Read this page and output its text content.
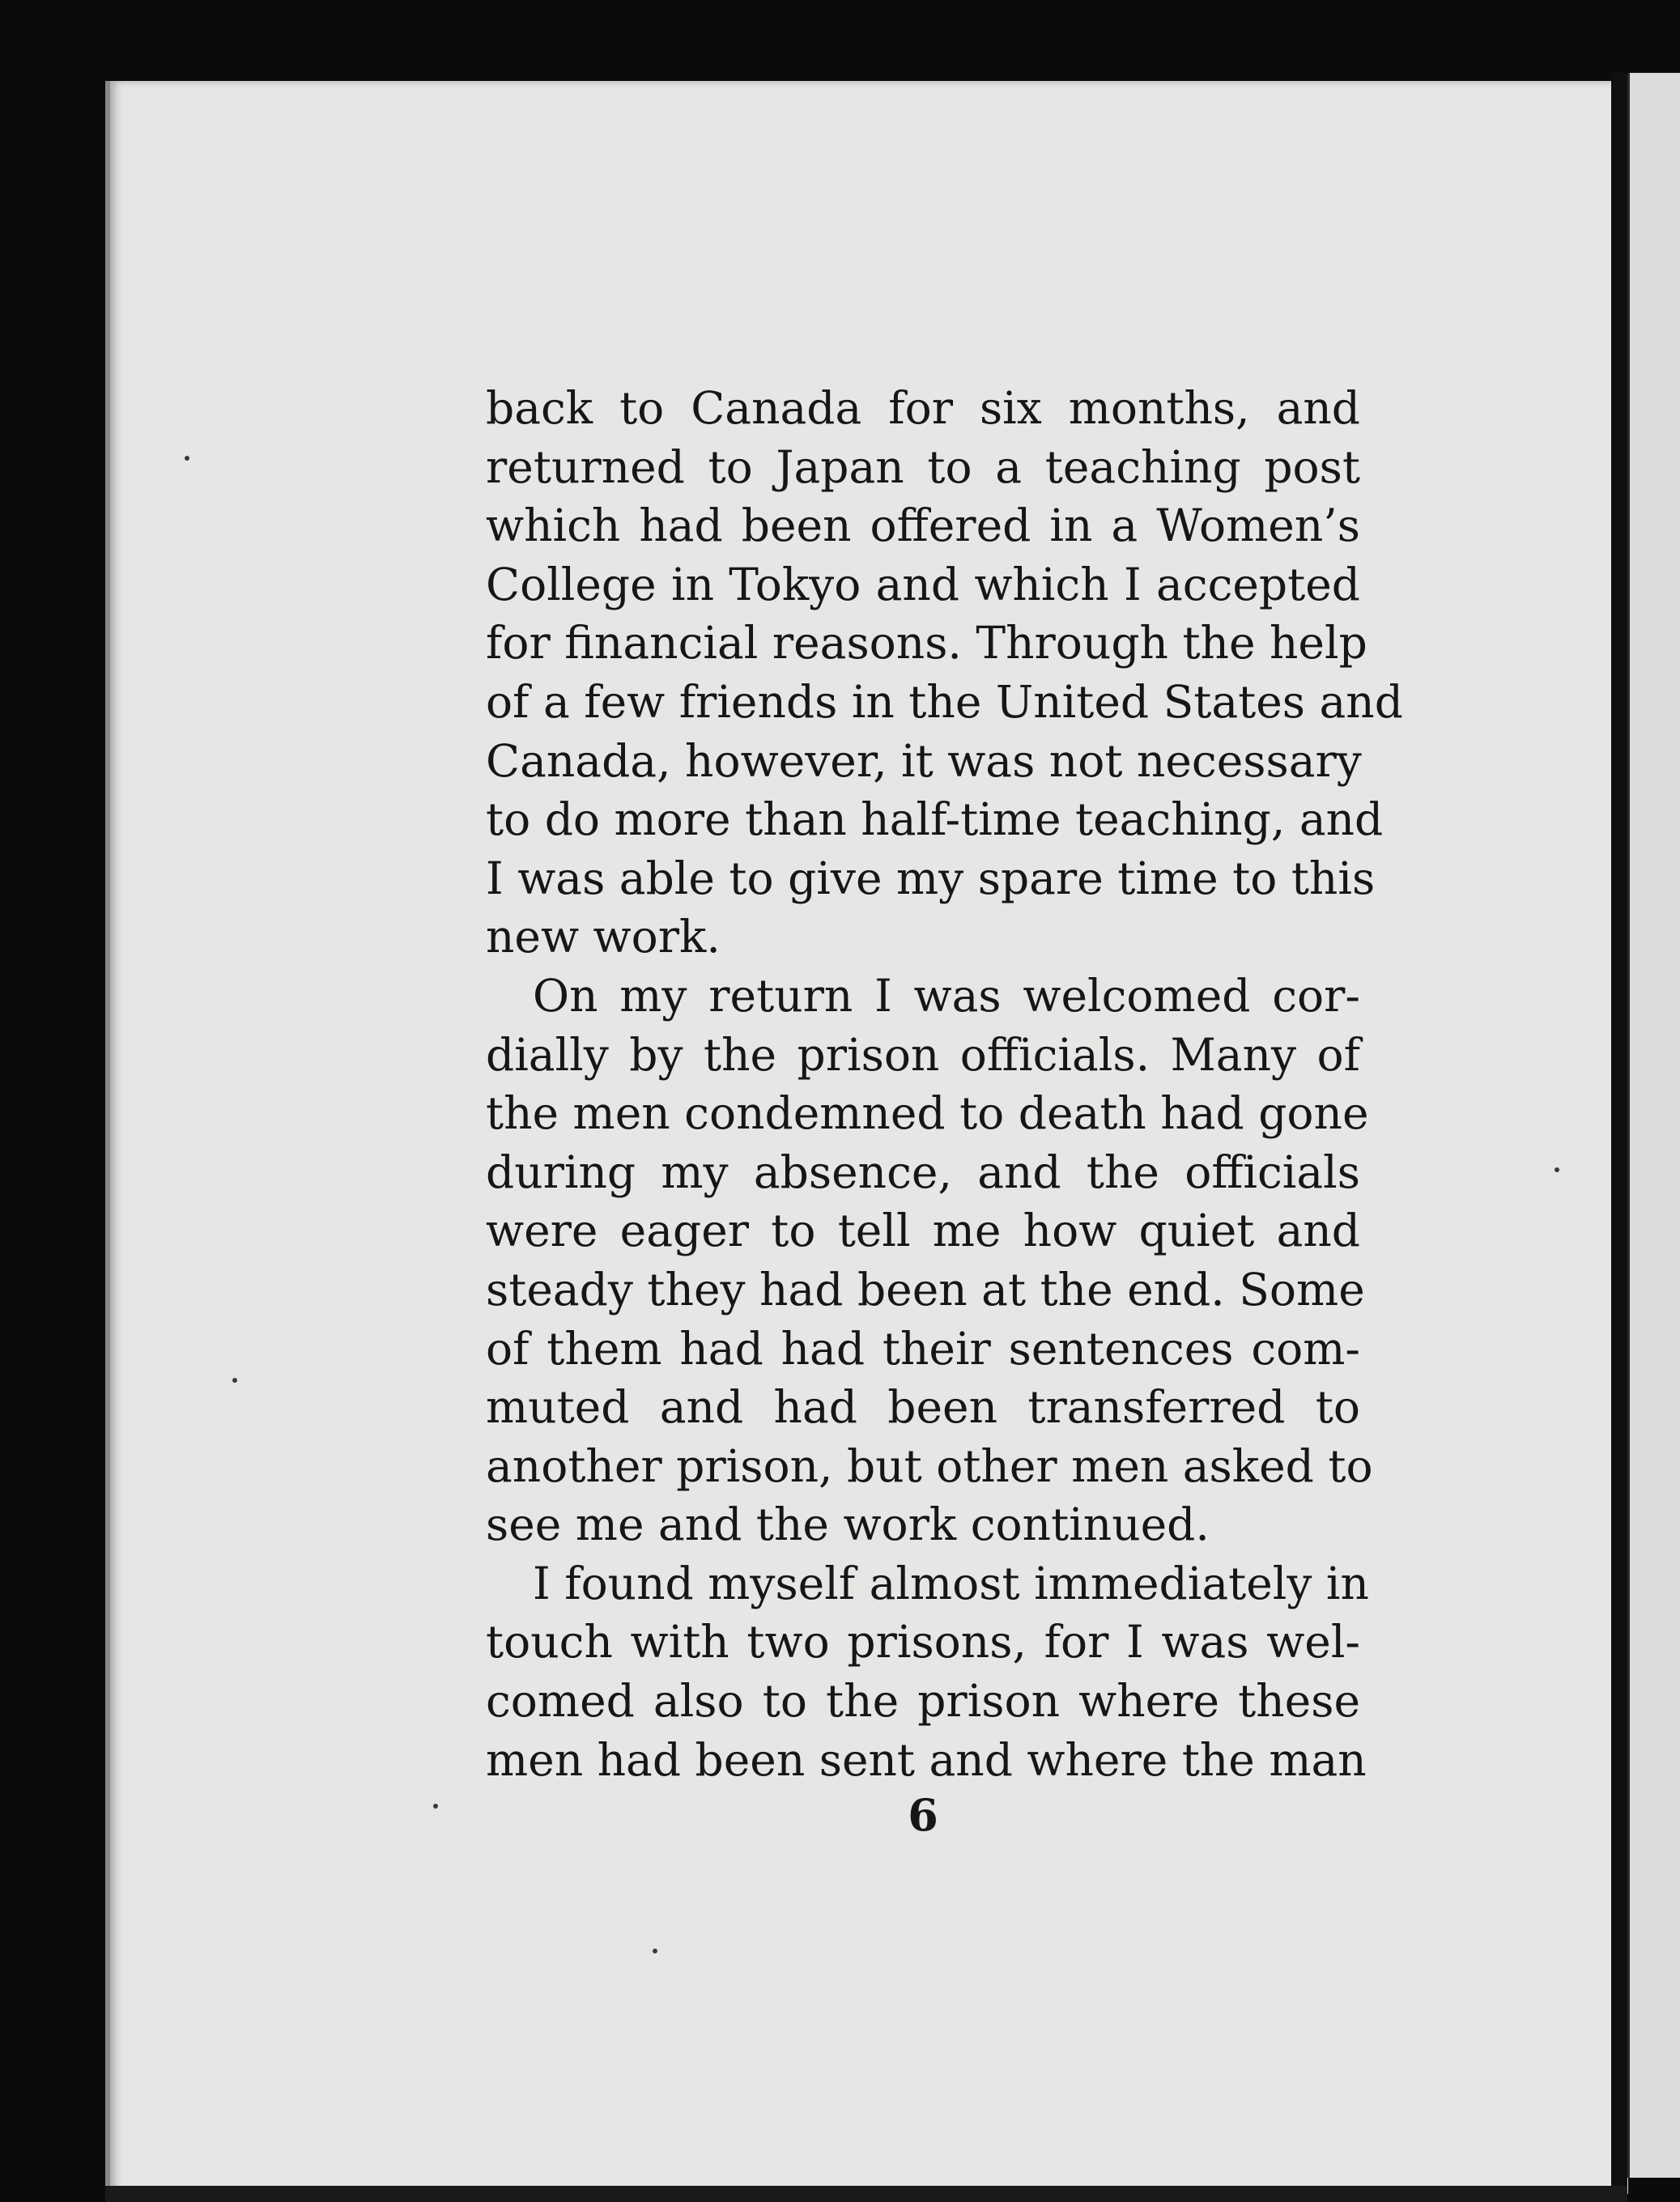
back to Canada for six months, and
returned to Japan to a teaching post
which had been offered in a Women’s
College in Tokyo and which I accepted
for financial reasons. Through the help
of a few friends in the United States and
Canada, however, it was not necessary
to do more than half-time teaching, and
I was able to give my spare time to this
new work.
On my return I was welcomed cor-
dially by the prison officials. Many of
the men condemned to death had gone
during my absence, and the officials
were eager to tell me how quiet and
steady they had been at the end. Some
of them had had their sentences com-
muted and had been transferred to
another prison, but other men asked to
see me and the work continued.
I found myself almost immediately in
touch with two prisons, for I was wel-
comed also to the prison where these
men had been sent and where the man
6
